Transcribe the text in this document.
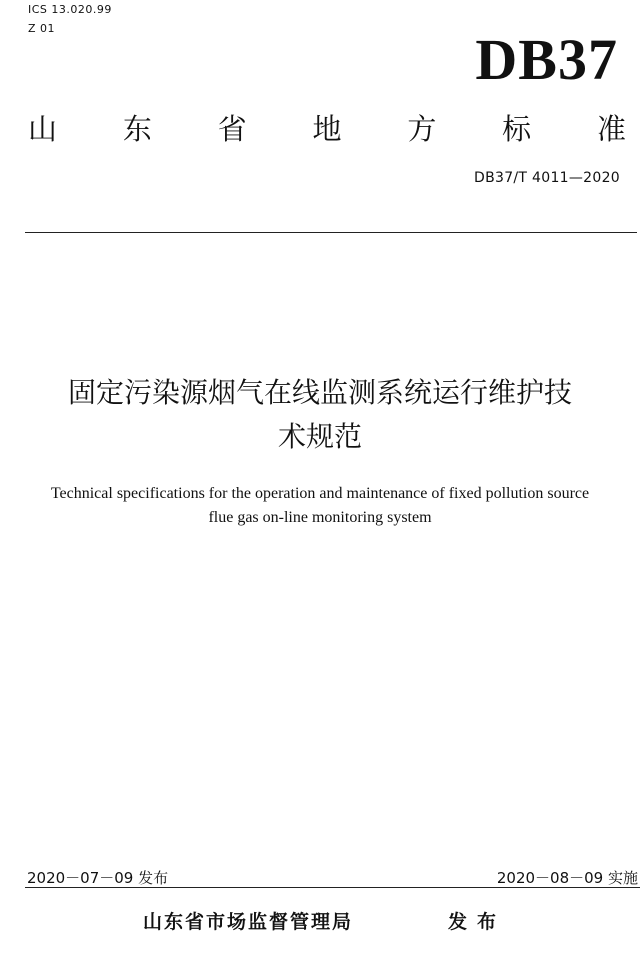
ICS 13.020.99
Z 01	DB37
山 东 省 地 方 标 准
DB37/T 4011—2020
固定污染源烟气在线监测系统运行维护技
术规范
Technical specifications for the operation and maintenance of fixed pollution source
flue gas on-line monitoring system
2020－07－09 发布	2020－08－09 实施
山东省市场监督管理局	发布
